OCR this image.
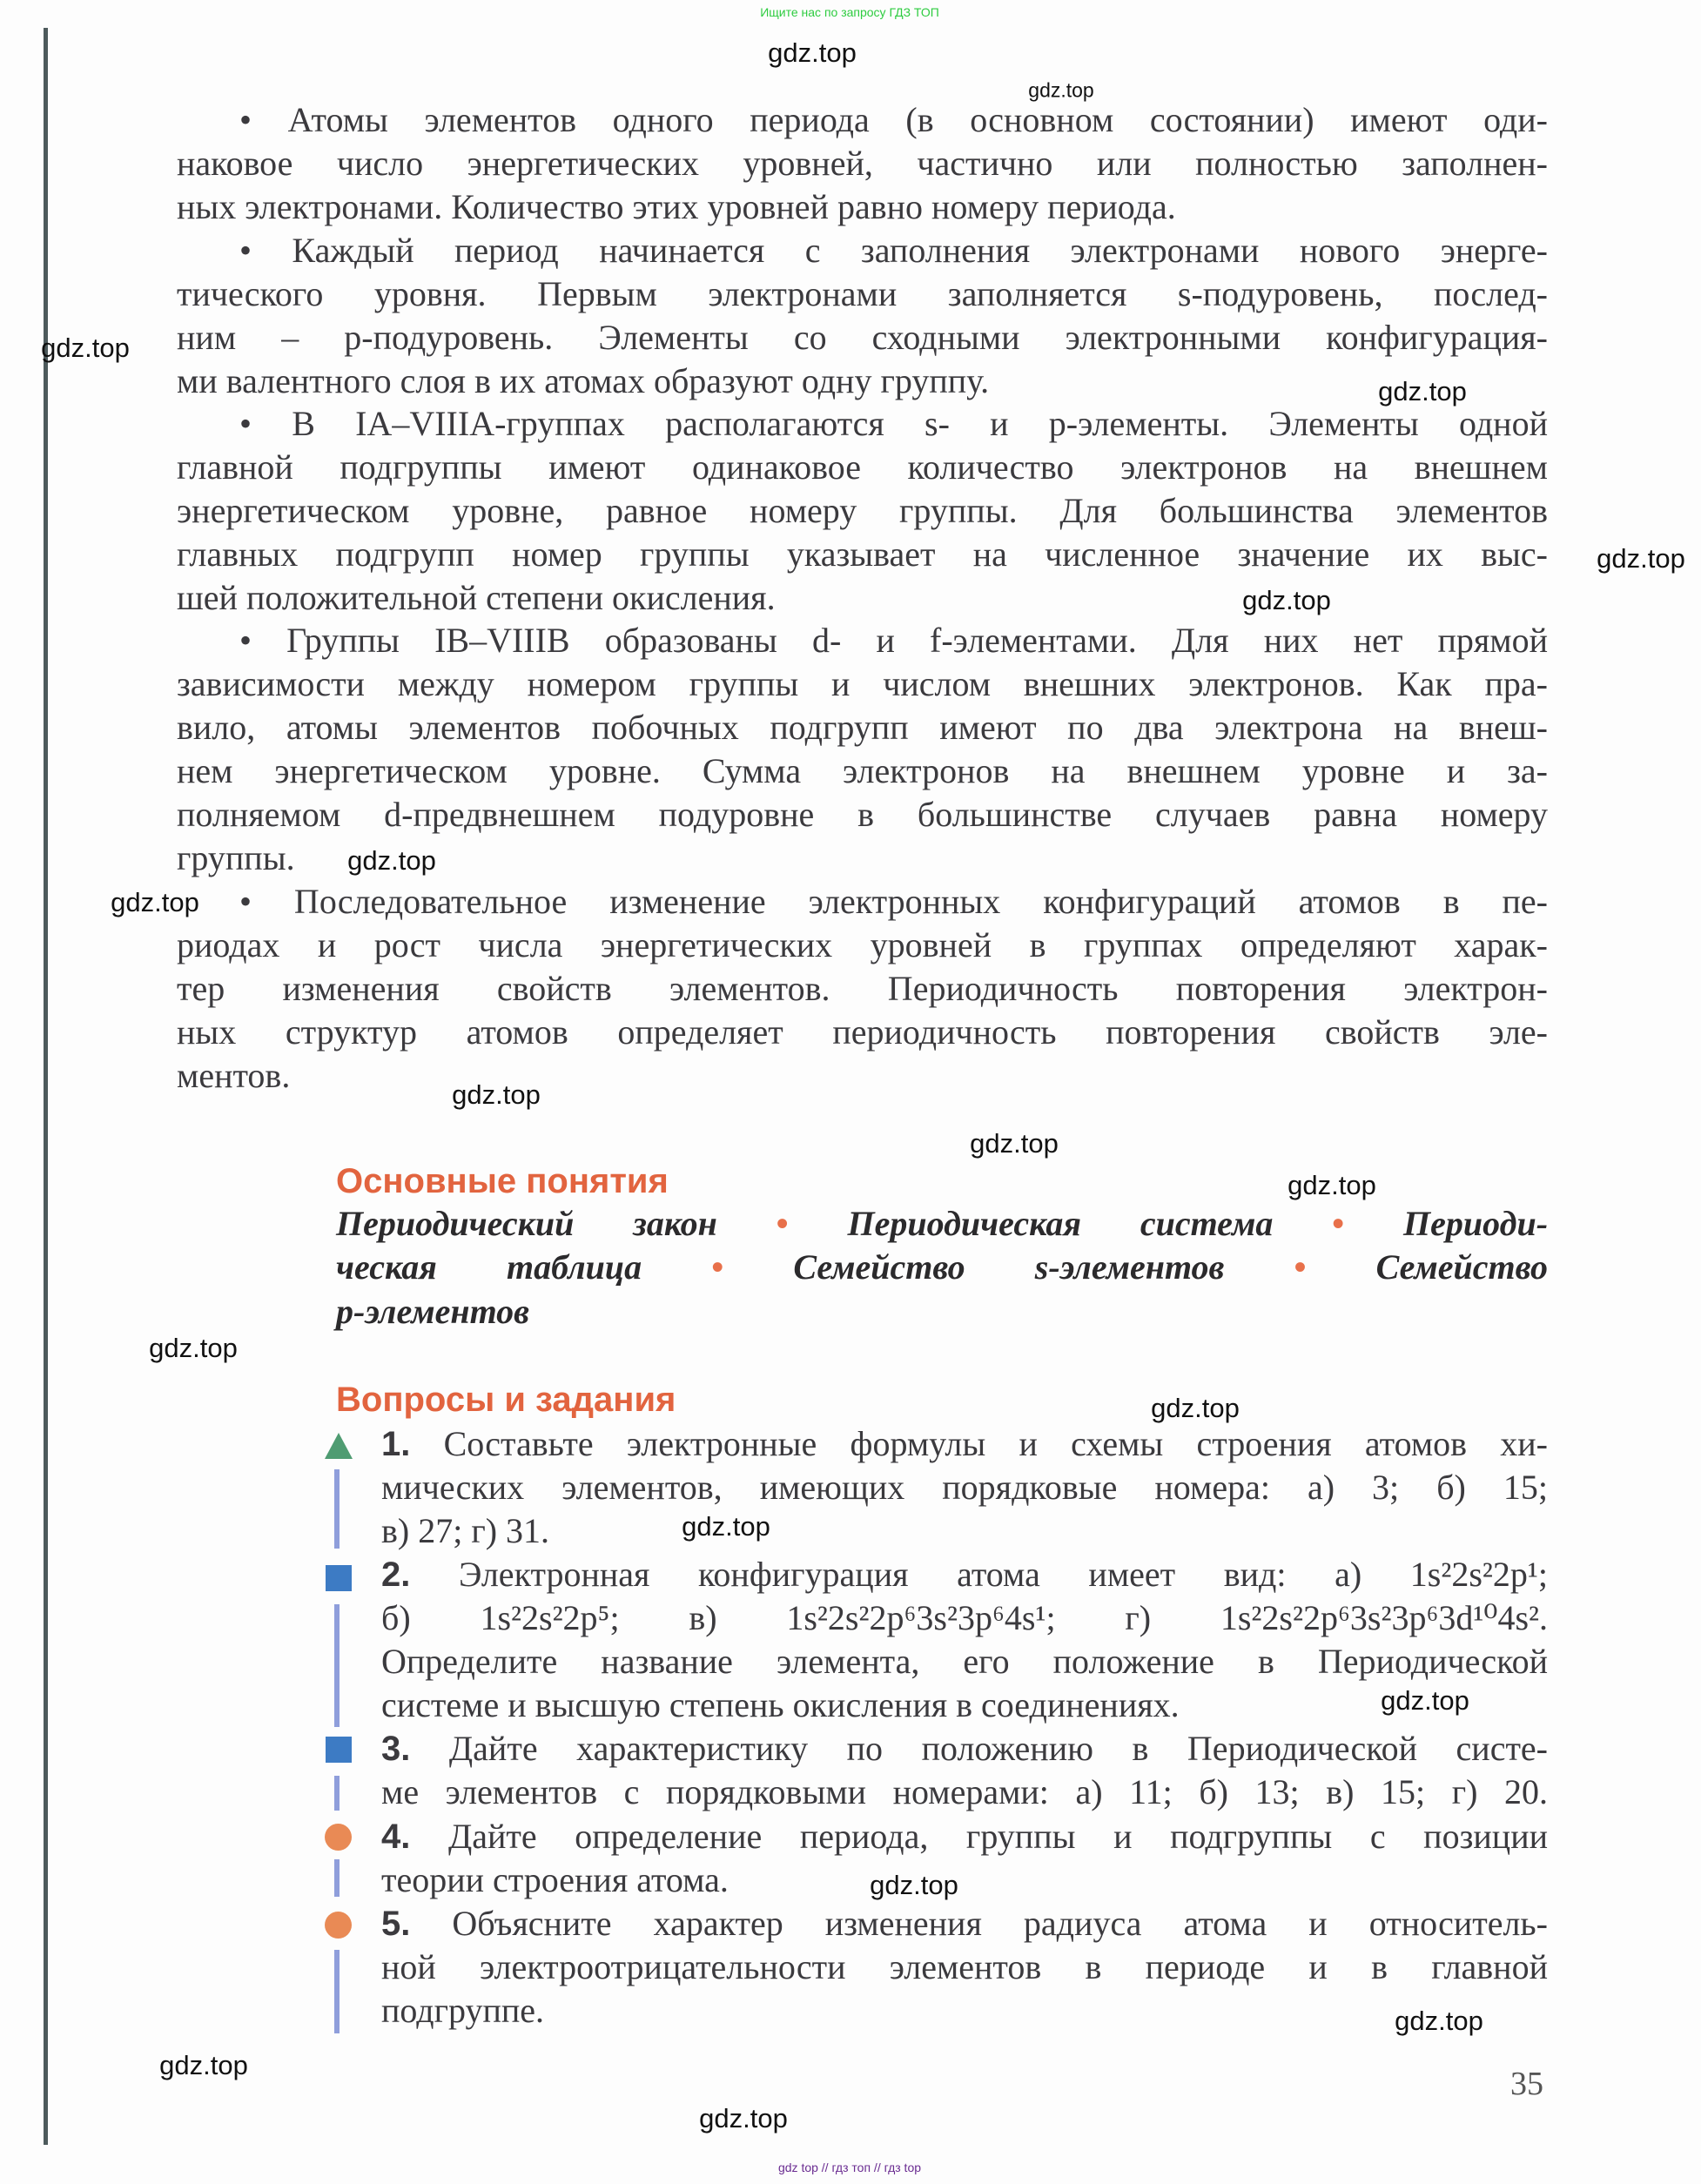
Ищите нас по запросу ГДЗ ТОП
• Атомы элементов одного периода (в основном состоянии) имеют оди-
наковое число энергетических уровней, частично или полностью заполнен-
ных электронами. Количество этих уровней равно номеру периода.
• Каждый период начинается с заполнения электронами нового энерге-
тического уровня. Первым электронами заполняется s-подуровень, послед-
ним – p-подуровень. Элементы со сходными электронными конфигурация-
ми валентного слоя в их атомах образуют одну группу.
• В IA–VIIIA-группах располагаются s- и p-элементы. Элементы одной
главной подгруппы имеют одинаковое количество электронов на внешнем
энергетическом уровне, равное номеру группы. Для большинства элементов
главных подгрупп номер группы указывает на численное значение их выс-
шей положительной степени окисления.
• Группы IB–VIIIB образованы d- и f-элементами. Для них нет прямой
зависимости между номером группы и числом внешних электронов. Как пра-
вило, атомы элементов побочных подгрупп имеют по два электрона на внеш-
нем энергетическом уровне. Сумма электронов на внешнем уровне и за-
полняемом d-предвнешнем подуровне в большинстве случаев равна номеру
группы.
• Последовательное изменение электронных конфигураций атомов в пе-
риодах и рост числа энергетических уровней в группах определяют харак-
тер изменения свойств элементов. Периодичность повторения электрон-
ных структур атомов определяет периодичность повторения свойств эле-
ментов.
Основные понятия
Периодический закон • Периодическая система • Периоди-
ческая таблица • Семейство s-элементов • Семейство
p-элементов
Вопросы и задания
1. Составьте электронные формулы и схемы строения атомов хи-
мических элементов, имеющих порядковые номера: а) 3; б) 15;
в) 27; г) 31.
2. Электронная конфигурация атома имеет вид: а) 1s²2s²2p¹;
б) 1s²2s²2p⁵; в) 1s²2s²2p⁶3s²3p⁶4s¹; г) 1s²2s²2p⁶3s²3p⁶3d¹⁰4s².
Определите название элемента, его положение в Периодической
системе и высшую степень окисления в соединениях.
3. Дайте характеристику по положению в Периодической систе-
ме элементов с порядковыми номерами: а) 11; б) 13; в) 15; г) 20.
4. Дайте определение периода, группы и подгруппы с позиции
теории строения атома.
5. Объясните характер изменения радиуса атома и относитель-
ной электроотрицательности элементов в периоде и в главной
подгруппе.
35
gdz.top
gdz.top
gdz.top
gdz.top
gdz.top
gdz.top
gdz.top
gdz.top
gdz.top
gdz.top
gdz.top
gdz.top
gdz.top
gdz.top
gdz.top
gdz.top
gdz.top
gdz.top
gdz.top
gdz top // гдз топ // гдз top
